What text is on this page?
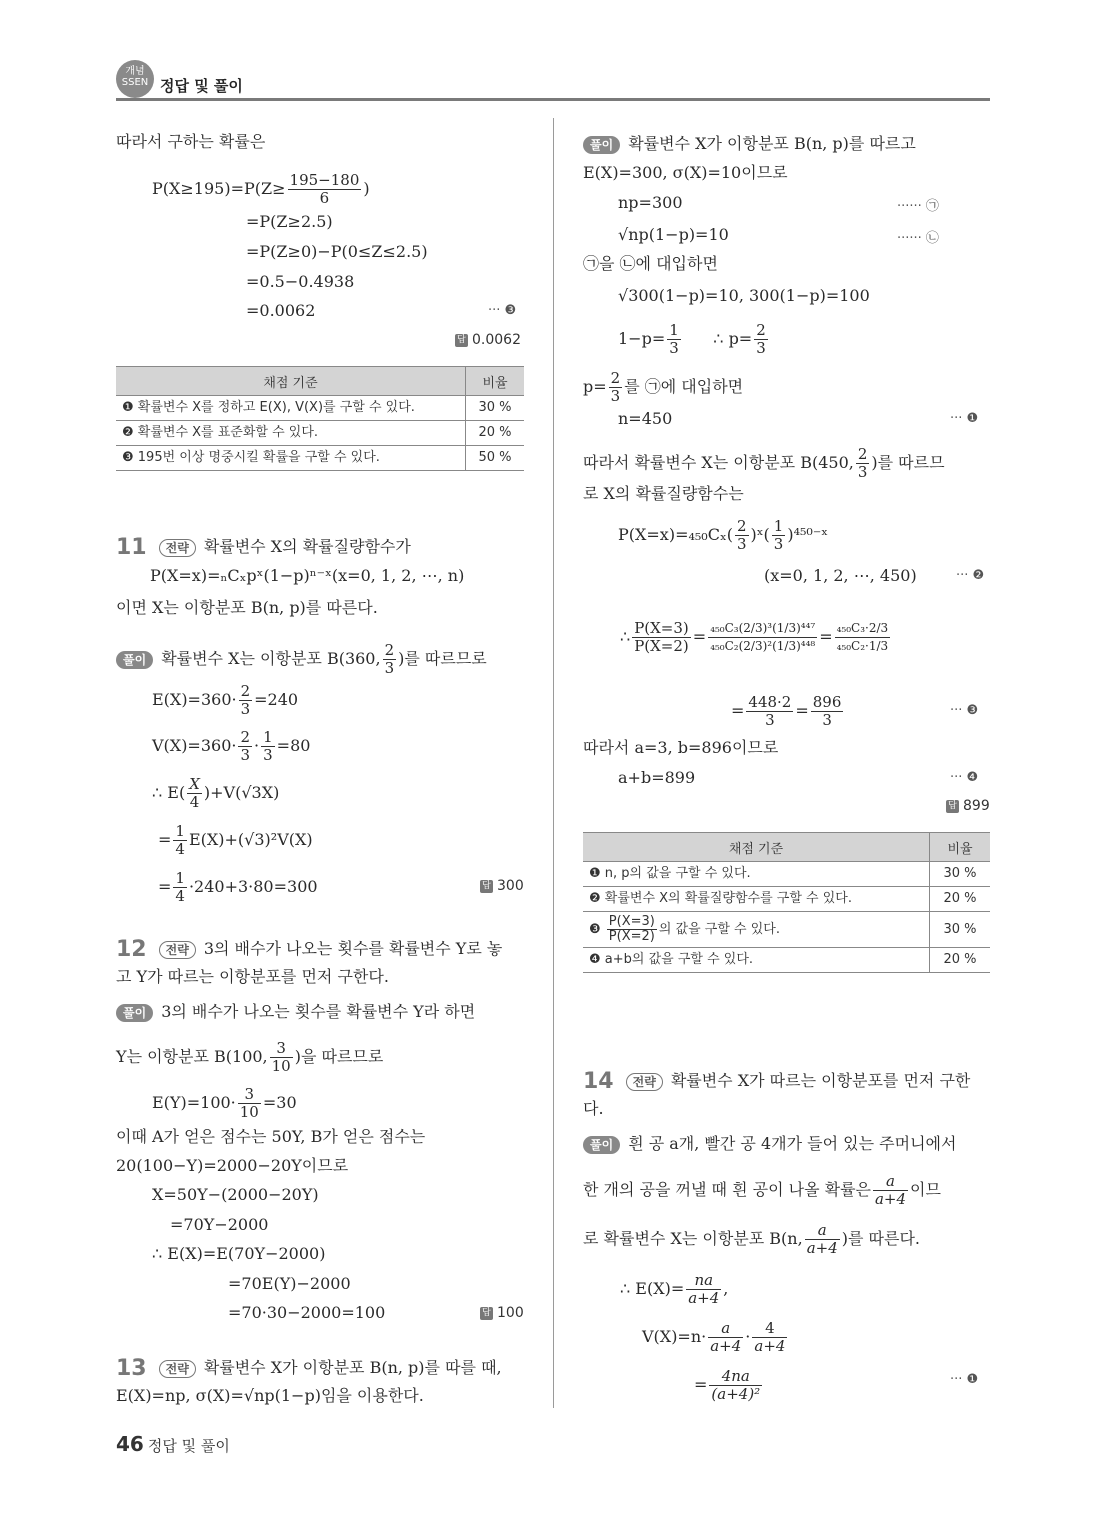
개념
SSEN 정답 및 풀이
따라서 구하는 확률은
$P(X\ge 195)=P(Z\ge \frac{195-180}{6}$ )
=P(Z≥2.5)
=P(Z≥0)−P(0≤Z≤2.5)
=0.5−0.4938
=0.0062	··· ❸
답 0.0062
채점 기준	비율
❶ 확률변수 X를 정하고 E(X), V(X)를 구할 수 있다.	30 %
❷ 확률변수 X를 표준화할 수 있다.	20 %
❸ 195번 이상 명중시킬 확률을 구할 수 있다.	50 %
11 전략 확률변수 X의 확률질량함수가
P(X=x)=ₙCₓpˣ(1−p)ⁿ⁻ˣ(x=0, 1, 2, ⋯, n)
이면 X는 이항분포 B(n, p)를 따른다.
풀이 확률변수 X는 이항분포 B(360, $\frac{2}{3}$ )를 따르므로
$E(X)=360\cdot \frac{2}{3} =240$
$V(X)=360\cdot \frac{2}{3} \cdot \frac{1}{3} =80$
∴ $E( \frac{X}{4} )+V(√3X)$
= $\frac{1}{4} E(X)+(√3)^2V(X)$
= $\frac{1}{4} \cdot 240+3\cdot 80=300$	답 300
12 전략 3의 배수가 나오는 횟수를 확률변수 Y로 놓
고 Y가 따르는 이항분포를 먼저 구한다.
풀이 3의 배수가 나오는 횟수를 확률변수 Y라 하면
Y는 이항분포 B(100, $\frac{3}{10}$ )을 따르므로
$E(Y)=100\cdot \frac{3}{10} =30$
이때 A가 얻은 점수는 50Y, B가 얻은 점수는
20(100−Y)=2000−20Y이므로
X=50Y−(2000−20Y)
=70Y−2000
∴ E(X)=E(70Y−2000)
=70E(Y)−2000
=70·30−2000=100	답 100
13 전략 확률변수 X가 이항분포 B(n, p)를 따를 때,
E(X)=np, σ(X)=√np(1−p)임을 이용한다.
풀이 확률변수 X가 이항분포 B(n, p)를 따르고
E(X)=300, σ(X)=10이므로
np=300	······ ㉠
√np(1−p)=10	······ ㉡
㉠을 ㉡에 대입하면
√300(1−p)=10, 300(1−p)=100
$1-p= \frac{1}{3}$ ∴ $p= \frac{2}{3}$
$p= \frac{2}{3}$ 를 ㉠에 대입하면
n=450	··· ❶
따라서 확률변수 X는 이항분포 B(450, $\frac{2}{3}$ )를 따르므
로 X의 확률질량함수는
$P(X=x)=_{450}C_x( \frac{2}{3}$ )ˣ( $\frac{1}{3}$ )⁴⁵⁰⁻ˣ
(x=0, 1, 2, ⋯, 450)	··· ❷
∴ $\frac{P(X=3)}{P(X=2)} = \frac{\text{₄₅₀C₃(2/3)³(1/3)⁴⁴⁷}}{\text{₄₅₀C₂(2/3)²(1/3)⁴⁴⁸}} = \frac{\text{₄₅₀C₃·2/3}}{\text{₄₅₀C₂·1/3}}$
= $\frac{448\cdot 2}{3} = \frac{896}{3}$	··· ❸
따라서 a=3, b=896이므로
a+b=899	··· ❹
답 899
채점 기준	비율
❶ n, p의 값을 구할 수 있다.	30 %
❷ 확률변수 X의 확률질량함수를 구할 수 있다.	20 %
❸ $\frac{P(X=3)}{P(X=2)}$ 의 값을 구할 수 있다.	30 %
❹ a+b의 값을 구할 수 있다.	20 %
14 전략 확률변수 X가 따르는 이항분포를 먼저 구한
다.
풀이 흰 공 a개, 빨간 공 4개가 들어 있는 주머니에서
한 개의 공을 꺼낼 때 흰 공이 나올 확률은 $\frac{a}{a+4}$ 이므
로 확률변수 X는 이항분포 B(n, $\frac{a}{a+4}$ )를 따른다.
∴ $E(X)= \frac{na}{a+4}$ ,
$V(X)=n\cdot \frac{a}{a+4} \cdot \frac{4}{a+4}$
= $\frac{4na}{\text{(a+4)²}}$	··· ❶
46 정답 및 풀이
